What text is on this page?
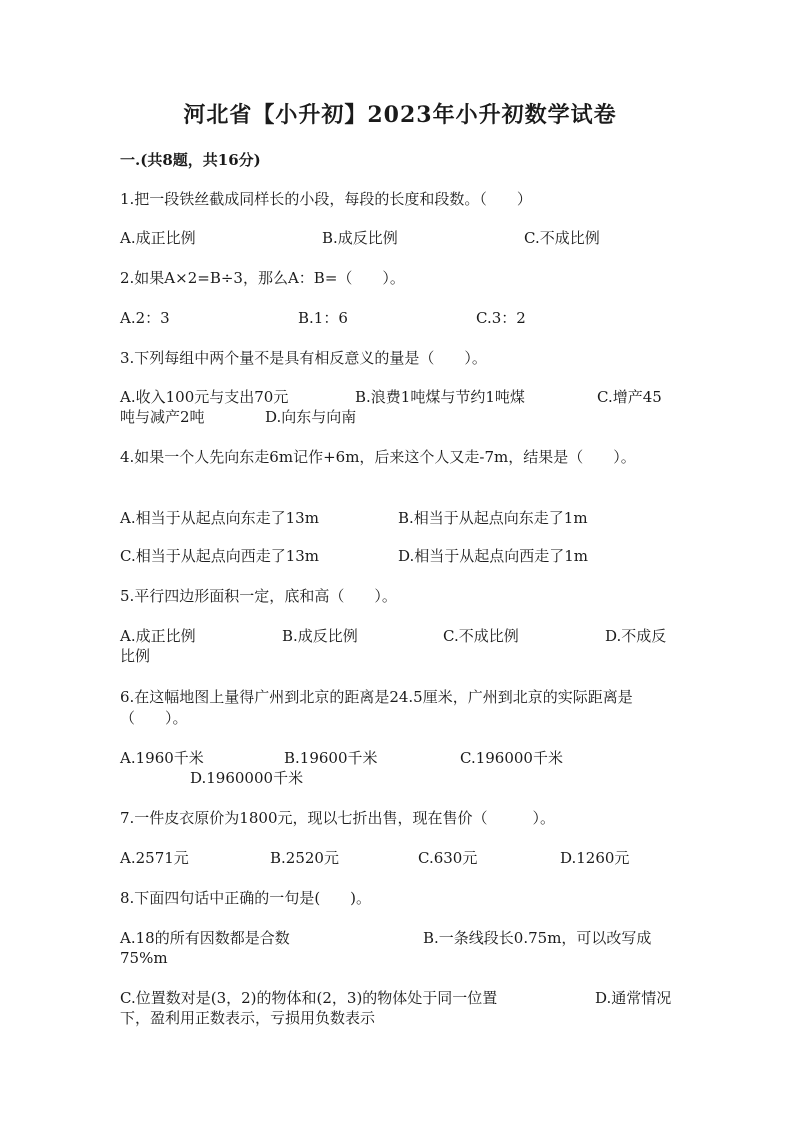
河北省【小升初】2023年小升初数学试卷
一.(共8题，共16分)
1.把一段铁丝截成同样长的小段，每段的长度和段数。（　　）
A.成正比例	B.成反比例	C.不成比例
2.如果A×2=B÷3，那么A：B=（　　）。
A.2：3	B.1：6	C.3：2
3.下列每组中两个量不是具有相反意义的量是（　　）。
A.收入100元与支出70元	B.浪费1吨煤与节约1吨煤	C.增产45
吨与减产2吨	D.向东与向南
4.如果一个人先向东走6m记作+6m，后来这个人又走-7m，结果是（　　）。
A.相当于从起点向东走了13m	B.相当于从起点向东走了1m
C.相当于从起点向西走了13m	D.相当于从起点向西走了1m
5.平行四边形面积一定，底和高（　　）。
A.成正比例	B.成反比例	C.不成比例	D.不成反
比例
6.在这幅地图上量得广州到北京的距离是24.5厘米，广州到北京的实际距离是
（　　）。
A.1960千米	B.19600千米	C.196000千米
D.1960000千米
7.一件皮衣原价为1800元，现以七折出售，现在售价（　　　）。
A.2571元	B.2520元	C.630元	D.1260元
8.下面四句话中正确的一句是(　　)。
A.18的所有因数都是合数	B.一条线段长0.75m，可以改写成
75%m
C.位置数对是(3，2)的物体和(2，3)的物体处于同一位置	D.通常情况
下，盈利用正数表示，亏损用负数表示
